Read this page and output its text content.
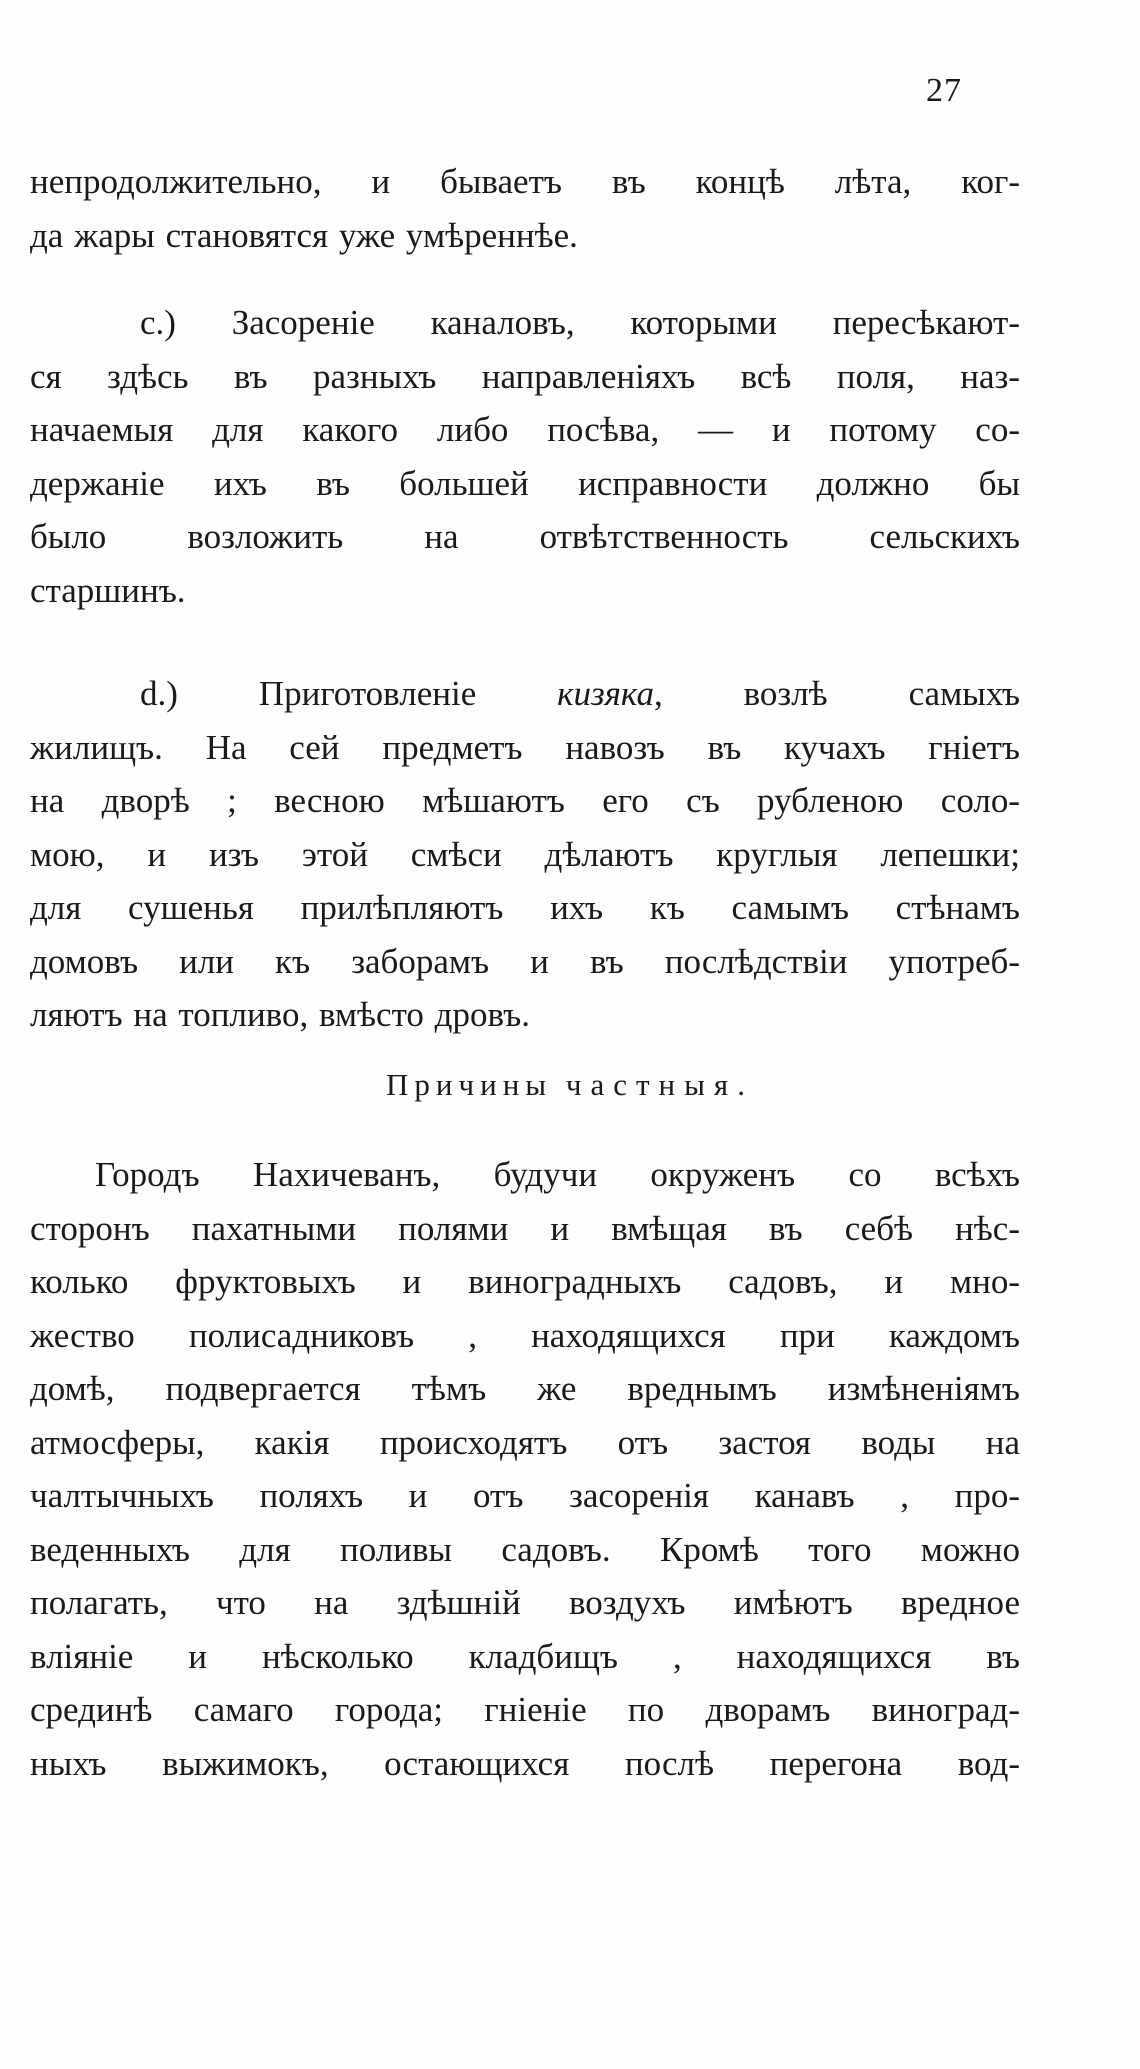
27
непродолжительно, и бываетъ въ концѣ лѣта, ког-
да жары становятся уже умѣреннѣе.
c.) Засореніе каналовъ, которыми пересѣкают-
ся здѣсь въ разныхъ направленіяхъ всѣ поля, наз-
начаемыя для какого либо посѣва, — и потому со-
держаніе ихъ въ большей исправности должно бы
было возложить на отвѣтственность сельскихъ
старшинъ.
d.) Приготовленіе кизяка, возлѣ самыхъ
жилищъ. На сей предметъ навозъ въ кучахъ гніетъ
на дворѣ ; весною мѣшаютъ его съ рубленою соло-
мою, и изъ этой смѣси дѣлаютъ круглыя лепешки;
для сушенья прилѣпляютъ ихъ къ самымъ стѣнамъ
домовъ или къ заборамъ и въ послѣдствіи употреб-
ляютъ на топливо, вмѣсто дровъ.
Причины частныя.
Городъ Нахичеванъ, будучи окруженъ со всѣхъ
сторонъ пахатными полями и вмѣщая въ себѣ нѣс-
колько фруктовыхъ и виноградныхъ садовъ, и мно-
жество полисадниковъ , находящихся при каждомъ
домѣ, подвергается тѣмъ же вреднымъ измѣненіямъ
атмосферы, какія происходятъ отъ застоя воды на
чалтычныхъ поляхъ и отъ засоренія канавъ , про-
веденныхъ для поливы садовъ. Кромѣ того можно
полагать, что на здѣшній воздухъ имѣютъ вредное
вліяніе и нѣсколько кладбищъ , находящихся въ
срединѣ самаго города; гніеніе по дворамъ виноград-
ныхъ выжимокъ, остающихся послѣ перегона вод-
